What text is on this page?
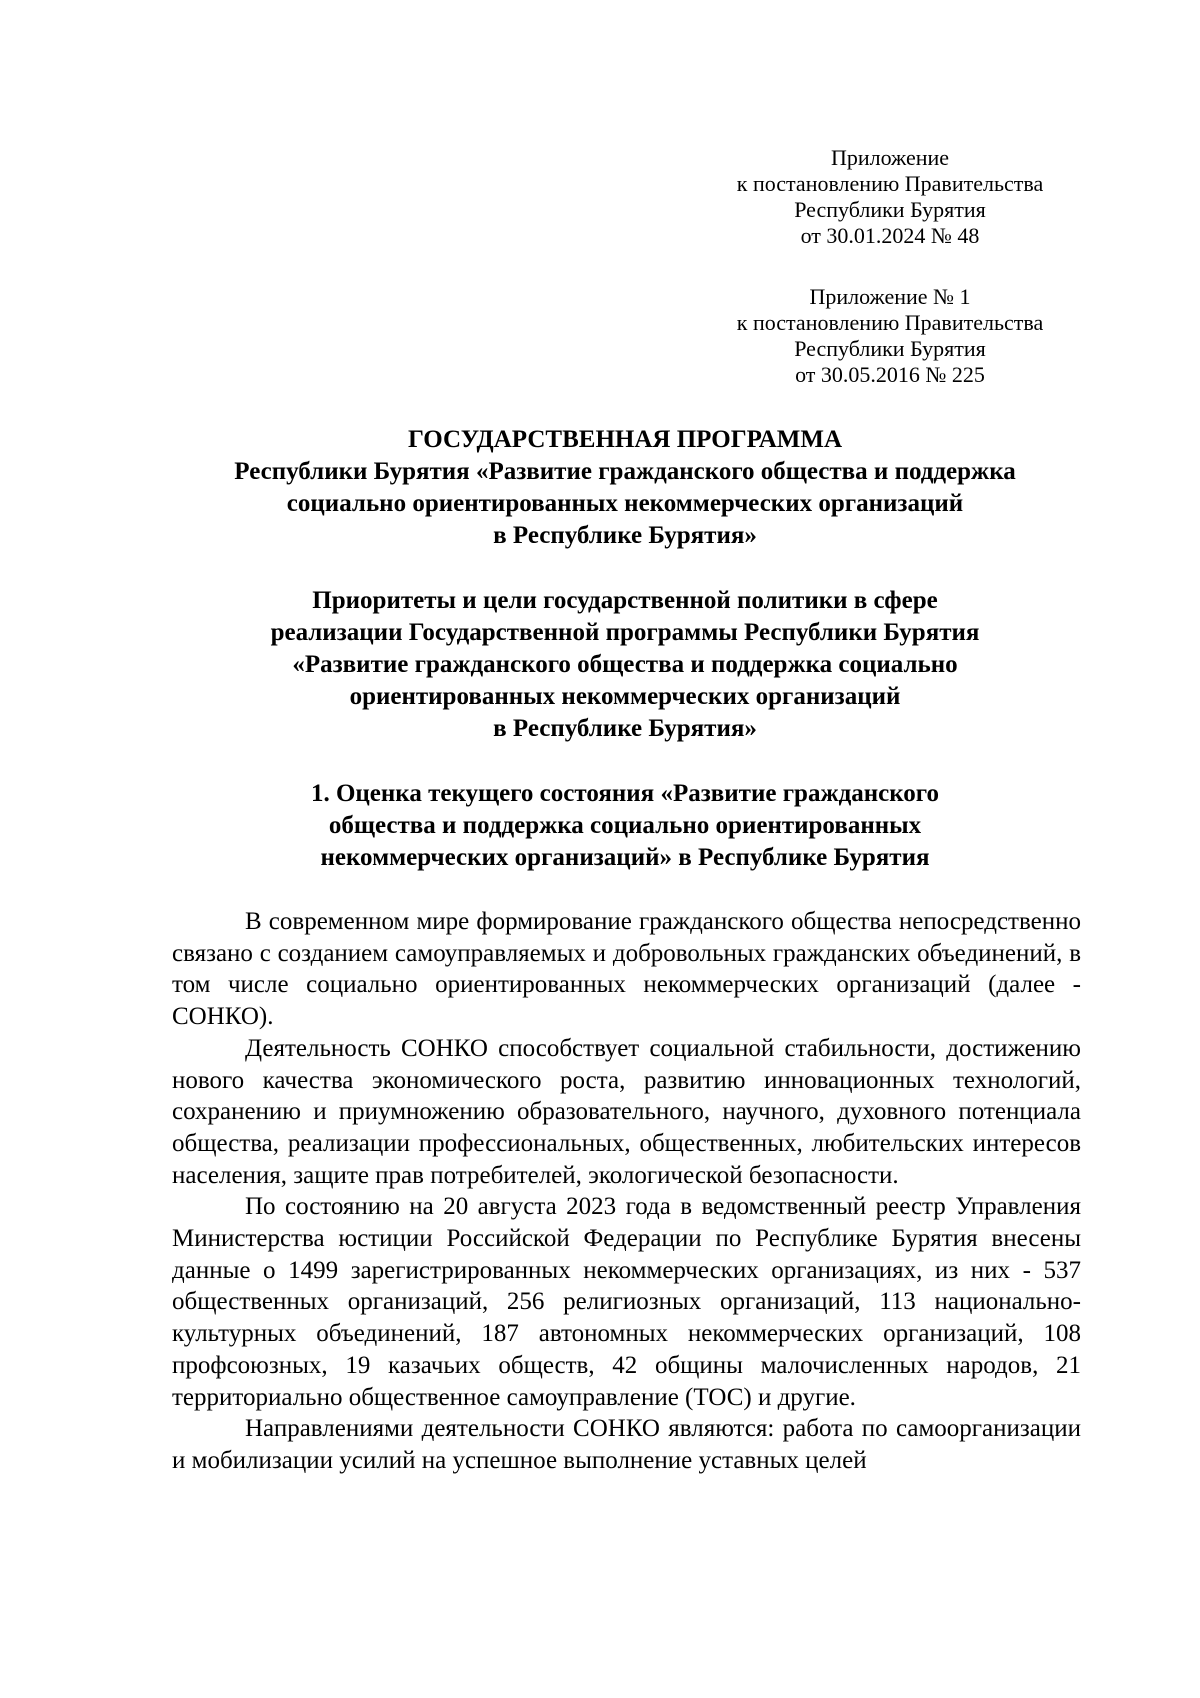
Приложение
к постановлению Правительства
Республики Бурятия
от 30.01.2024 № 48
Приложение № 1
к постановлению Правительства
Республики Бурятия
от 30.05.2016 № 225
ГОСУДАРСТВЕННАЯ ПРОГРАММА
Республики Бурятия «Развитие гражданского общества и поддержка
социально ориентированных некоммерческих организаций
в Республике Бурятия»
Приоритеты и цели государственной политики в сфере
реализации Государственной программы Республики Бурятия
«Развитие гражданского общества и поддержка социально
ориентированных некоммерческих организаций
в Республике Бурятия»
1. Оценка текущего состояния «Развитие гражданского
общества и поддержка социально ориентированных
некоммерческих организаций» в Республике Бурятия

В современном мире формирование гражданского общества непосредственно связано с созданием самоуправляемых и добровольных гражданских объединений, в том числе социально ориентированных некоммерческих организаций (далее - СОНКО).

Деятельность СОНКО способствует социальной стабильности, достижению нового качества экономического роста, развитию инновационных технологий, сохранению и приумножению образовательного, научного, духовного потенциала общества, реализации профессиональных, общественных, любительских интересов населения, защите прав потребителей, экологической безопасности.

По состоянию на 20 августа 2023 года в ведомственный реестр Управления Министерства юстиции Российской Федерации по Республике Бурятия внесены данные о 1499 зарегистрированных некоммерческих организациях, из них - 537 общественных организаций, 256 религиозных организаций, 113 национально-культурных объединений, 187 автономных некоммерческих организаций, 108 профсоюзных, 19 казачьих обществ, 42 общины малочисленных народов, 21 территориально общественное самоуправление (ТОС) и другие.

Направлениями деятельности СОНКО являются: работа по самоорганизации и мобилизации усилий на успешное выполнение уставных целей
